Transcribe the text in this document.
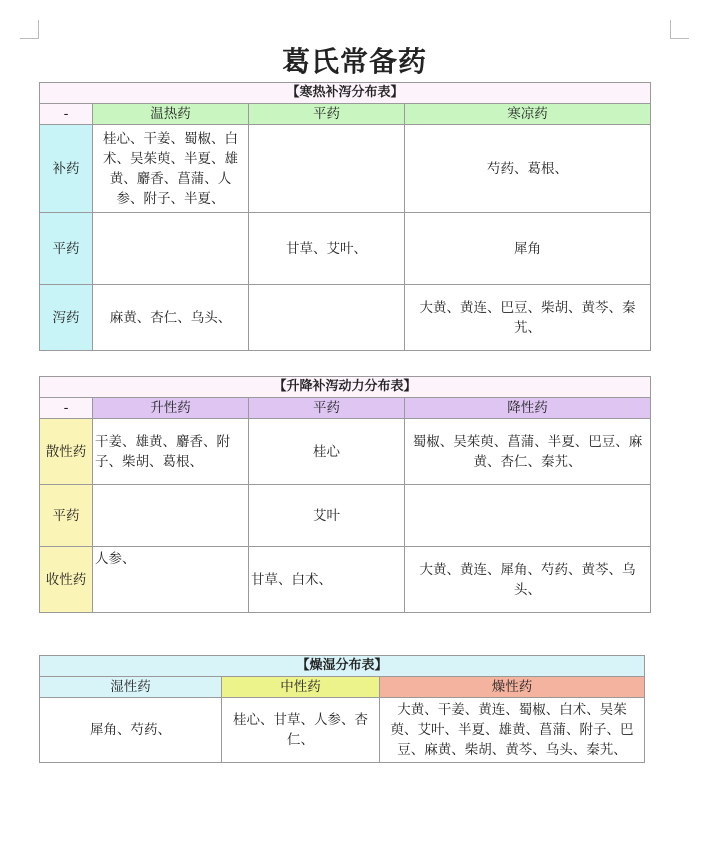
葛氏常备药
【寒热补泻分布表】			
-	温热药	平药	寒凉药
补药	桂心、干姜、蜀椒、白术、吴茱萸、半夏、雄黄、麝香、菖蒲、人参、附子、半夏、		芍药、葛根、
平药		甘草、艾叶、	犀角
泻药	麻黄、杏仁、乌头、		大黄、黄连、巴豆、柴胡、黄芩、秦艽、
【升降补泻动力分布表】			
-	升性药	平药	降性药
散性药	干姜、雄黄、麝香、附子、柴胡、葛根、	桂心	蜀椒、吴茱萸、菖蒲、半夏、巴豆、麻黄、杏仁、秦艽、
平药		艾叶	
收性药	人参、	甘草、白术、	大黄、黄连、犀角、芍药、黄芩、乌头、
【燥湿分布表】		
湿性药	中性药	燥性药
犀角、芍药、	桂心、甘草、人参、杏仁、	大黄、干姜、黄连、蜀椒、白术、吴茱萸、艾叶、半夏、雄黄、菖蒲、附子、巴豆、麻黄、柴胡、黄芩、乌头、秦艽、
